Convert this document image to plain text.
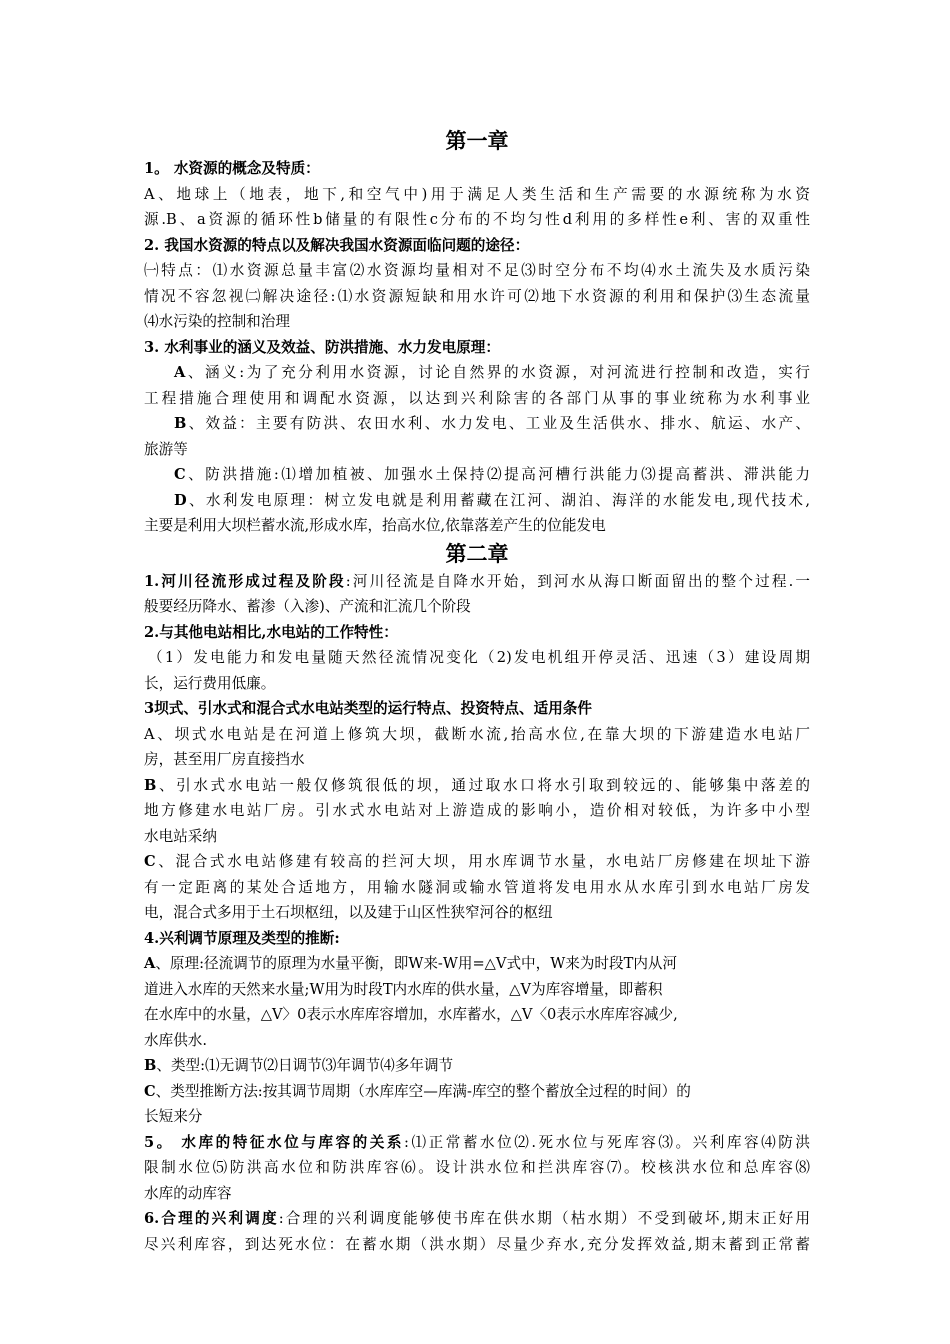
第一章
1。 水资源的概念及特质：
A、地球上（地表，地下,和空气中)用于满足人类生活和生产需要的水源统称为水资
源.B、a资源的循环性b储量的有限性c分布的不均匀性d利用的多样性e利、害的双重性
2. 我国水资源的特点以及解决我国水资源面临问题的途径：
㈠特点：⑴水资源总量丰富⑵水资源均量相对不足⑶时空分布不均⑷水土流失及水质污染
情况不容忽视㈡解决途径:⑴水资源短缺和用水许可⑵地下水资源的利用和保护⑶生态流量
⑷水污染的控制和治理
3. 水利事业的涵义及效益、防洪措施、水力发电原理：
A、涵义:为了充分利用水资源，讨论自然界的水资源，对河流进行控制和改造，实行
工程措施合理使用和调配水资源，以达到兴利除害的各部门从事的事业统称为水利事业
B、效益：主要有防洪、农田水利、水力发电、工业及生活供水、排水、航运、水产、
旅游等
C、防洪措施:⑴增加植被、加强水土保持⑵提高河槽行洪能力⑶提高蓄洪、滞洪能力
D、水利发电原理：树立发电就是利用蓄藏在江河、湖泊、海洋的水能发电,现代技术,
主要是利用大坝栏蓄水流,形成水库，抬高水位,依靠落差产生的位能发电
第二章
1.河川径流形成过程及阶段:河川径流是自降水开始，到河水从海口断面留出的整个过程.一
般要经历降水、蓄渗（入渗)、产流和汇流几个阶段
2.与其他电站相比,水电站的工作特性：
（1）发电能力和发电量随天然径流情况变化（2)发电机组开停灵活、迅速（3）建设周期
长，运行费用低廉。
3坝式、引水式和混合式水电站类型的运行特点、投资特点、适用条件
A、坝式水电站是在河道上修筑大坝，截断水流,抬高水位,在靠大坝的下游建造水电站厂
房，甚至用厂房直接挡水
B、引水式水电站一般仅修筑很低的坝，通过取水口将水引取到较远的、能够集中落差的
地方修建水电站厂房。引水式水电站对上游造成的影响小，造价相对较低，为许多中小型
水电站采纳
C、混合式水电站修建有较高的拦河大坝，用水库调节水量，水电站厂房修建在坝址下游
有一定距离的某处合适地方，用输水隧洞或输水管道将发电用水从水库引到水电站厂房发
电，混合式多用于土石坝枢纽，以及建于山区性狭窄河谷的枢纽
4.兴利调节原理及类型的推断:
A、原理:径流调节的原理为水量平衡，即W来-W用=△V式中，W来为时段T内从河
道进入水库的天然来水量;W用为时段T内水库的供水量，△V为库容增量，即蓄积
在水库中的水量，△V〉0表示水库库容增加，水库蓄水，△V〈0表示水库库容减少,
水库供水.
B、类型:⑴无调节⑵日调节⑶年调节⑷多年调节
C、类型推断方法:按其调节周期（水库库空—库满-库空的整个蓄放全过程的时间）的
长短来分
5。 水库的特征水位与库容的关系:⑴正常蓄水位⑵.死水位与死库容⑶。兴利库容⑷防洪
限制水位⑸防洪高水位和防洪库容⑹。设计洪水位和拦洪库容⑺。校核洪水位和总库容⑻
水库的动库容
6.合理的兴利调度:合理的兴利调度能够使书库在供水期（枯水期）不受到破坏,期末正好用
尽兴利库容，到达死水位：在蓄水期（洪水期）尽量少弃水,充分发挥效益,期末蓄到正常蓄
